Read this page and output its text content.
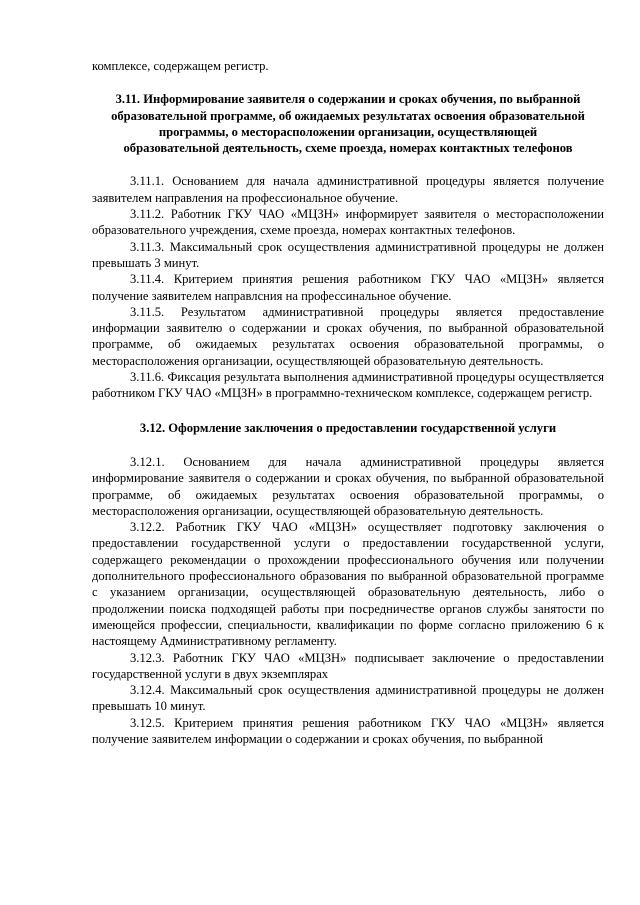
комплексе, содержащем регистр.

3.11. Информирование заявителя о содержании и сроках обучения, по выбранной образовательной программе, об ожидаемых результатах освоения образовательной программы, о месторасположении организации, осуществляющей образовательной деятельность, схеме проезда, номерах контактных телефонов

3.11.1. Основанием для начала административной процедуры является получение заявителем направления на профессиональное обучение.

3.11.2. Работник ГКУ ЧАО «МЦЗН» информирует заявителя о месторасположении образовательного учреждения, схеме проезда, номерах контактных телефонов.

3.11.3. Максимальный срок осуществления административной процедуры не должен превышать 3 минут.

3.11.4. Критерием принятия решения работником ГКУ ЧАО «МЦЗН» является получение заявителем направлсния на профессинальное обучение.

3.11.5. Результатом административной процедуры является предоставление информации заявителю о содержании и сроках обучения, по выбранной образовательной программе, об ожидаемых результатах освоения образовательной программы, о месторасположения организации, осуществляющей образовательную деятельность.

3.11.6. Фиксация результата выполнения административной процедуры осуществляется работником ГКУ ЧАО «МЦЗН» в программно-техническом комплексе, содержащем регистр.

3.12. Оформление заключения о предоставлении государственной услуги

3.12.1. Основанием для начала административной процедуры является информирование заявителя о содержании и сроках обучения, по выбранной образовательной программе, об ожидаемых результатах освоения образовательной программы, о месторасположения организации, осуществляющей образовательную деятельность.

3.12.2. Работник ГКУ ЧАО «МЦЗН» осуществляет подготовку заключения о предоставлении государственной услуги о предоставлении государственной услуги, содержащего рекомендации о прохождении профессионального обучения или получении дополнительного профессионального образования по выбранной образовательной программе с указанием организации, осуществляющей образовательную деятельность, либо о продолжении поиска подходящей работы при посредничестве органов службы занятости по имеющейся профессии, специальности, квалификации по форме согласно приложению 6 к настоящему Административному регламенту.

3.12.3. Работник ГКУ ЧАО «МЦЗН» подписывает заключение о предоставлении государственной услуги в двух экземплярах

3.12.4. Максимальный срок осуществления административной процедуры не должен превышать 10 минут.

3.12.5. Критерием принятия решения работником ГКУ ЧАО «МЦЗН» является получение заявителем информации о содержании и сроках обучения, по выбранной
